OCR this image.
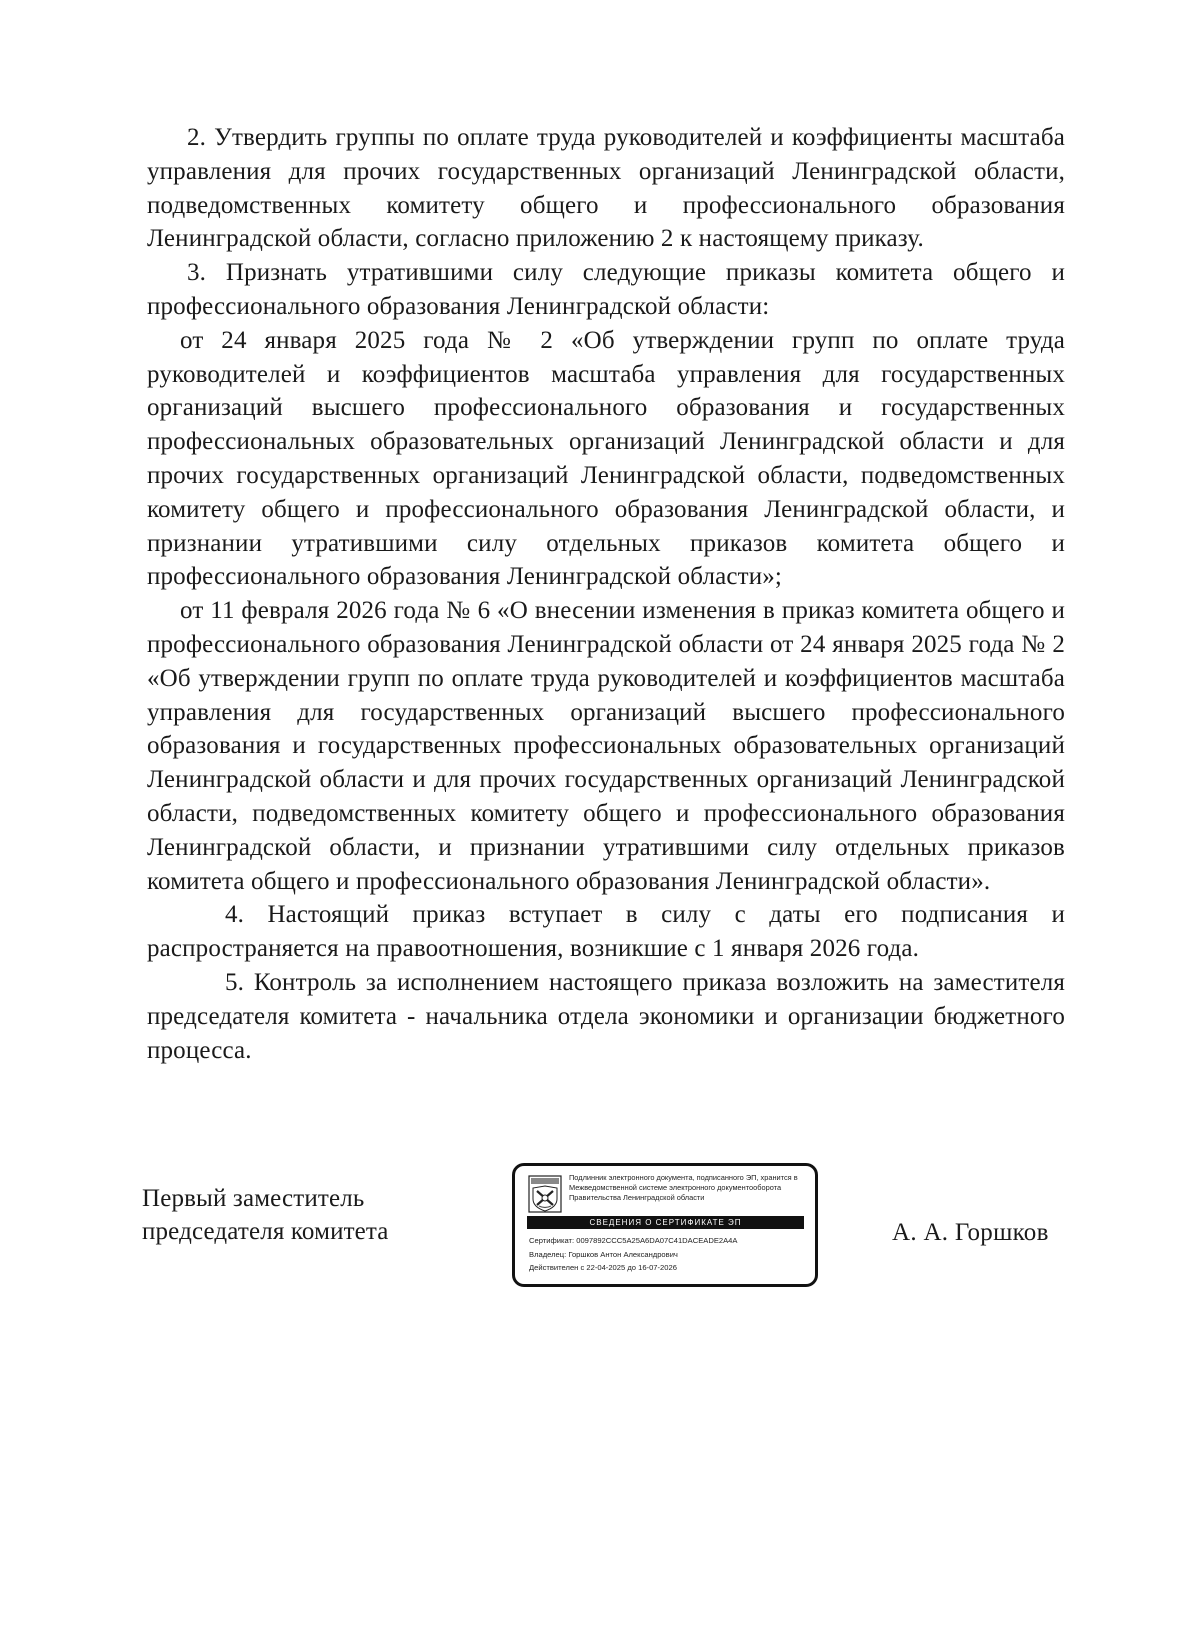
2. Утвердить группы по оплате труда руководителей и коэффициенты масштаба управления для прочих государственных организаций Ленинградской области, подведомственных комитету общего и профессионального образования Ленинградской области, согласно приложению 2 к настоящему приказу.

3. Признать утратившими силу следующие приказы комитета общего и профессионального образования Ленинградской области:

от 24 января 2025 года № 2 «Об утверждении групп по оплате труда руководителей и коэффициентов масштаба управления для государственных организаций высшего профессионального образования и государственных профессиональных образовательных организаций Ленинградской области и для прочих государственных организаций Ленинградской области, подведомственных комитету общего и профессионального образования Ленинградской области, и признании утратившими силу отдельных приказов комитета общего и профессионального образования Ленинградской области»;

от 11 февраля 2026 года № 6 «О внесении изменения в приказ комитета общего и профессионального образования Ленинградской области от 24 января 2025 года № 2 «Об утверждении групп по оплате труда руководителей и коэффициентов масштаба управления для государственных организаций высшего профессионального образования и государственных профессиональных образовательных организаций Ленинградской области и для прочих государственных организаций Ленинградской области, подведомственных комитету общего и профессионального образования Ленинградской области, и признании утратившими силу отдельных приказов комитета общего и профессионального образования Ленинградской области».

4. Настоящий приказ вступает в силу с даты его подписания и распространяется на правоотношения, возникшие с 1 января 2026 года.

5. Контроль за исполнением настоящего приказа возложить на заместителя председателя комитета - начальника отдела экономики и организации бюджетного процесса.

Первый заместитель
председателя комитета
Подлинник электронного документа, подписанного ЭП, хранится в Межведомственной системе электронного документооборота Правительства Ленинградской области
СВЕДЕНИЯ О СЕРТИФИКАТЕ ЭП
Сертификат: 0097892CCC5A25A6DA07C41DACEADE2A4A
Владелец: Горшков Антон Александрович
Действителен с 22-04-2025 до 16-07-2026
А. А. Горшков
